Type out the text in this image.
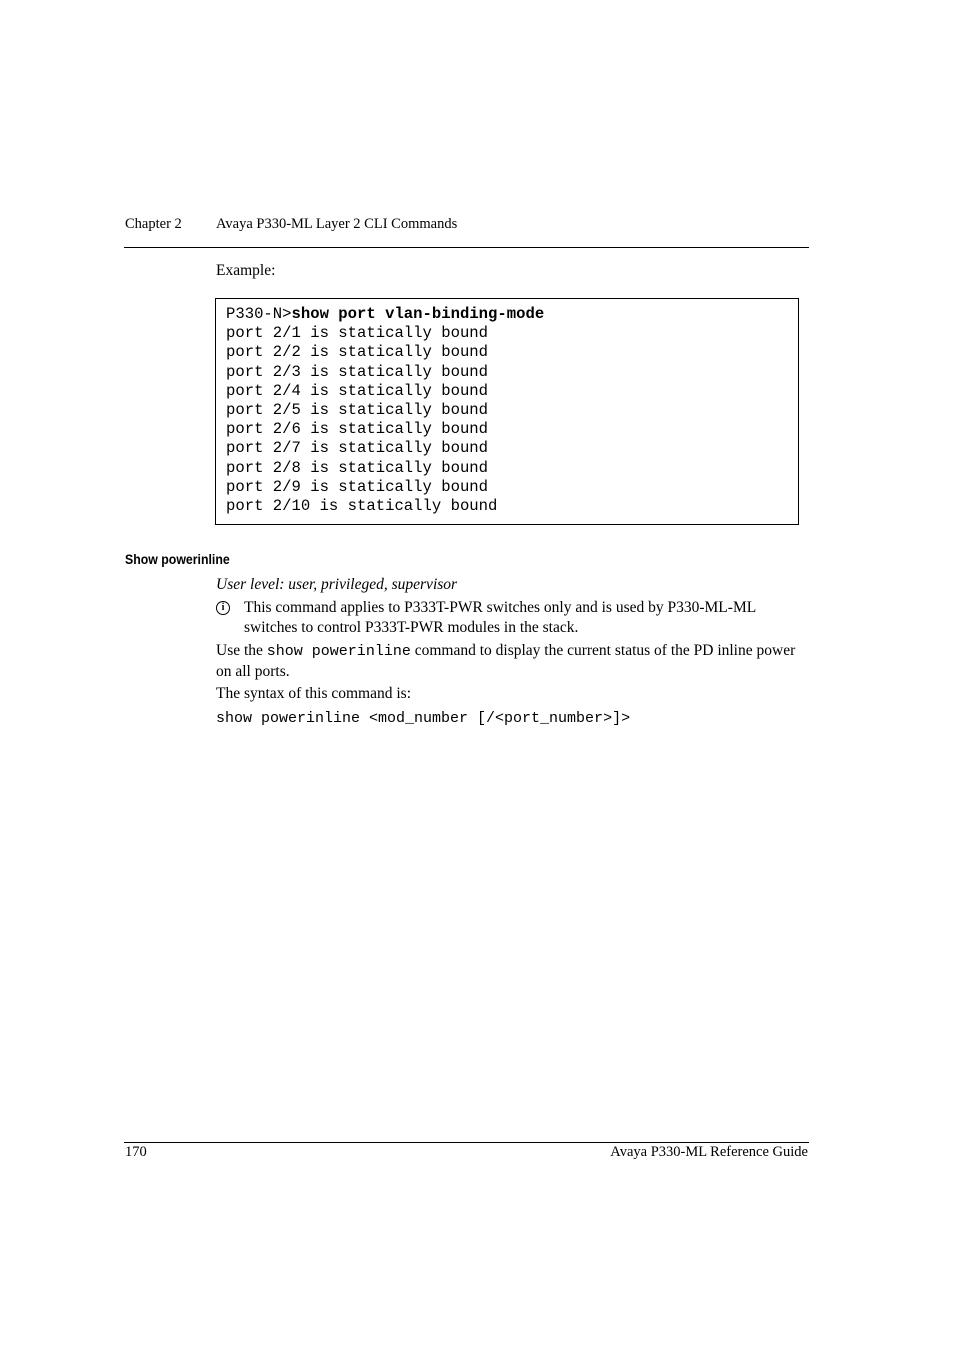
Chapter 2 Avaya P330-ML Layer 2 CLI Commands
Example:
P330-N>show port vlan-binding-mode
port 2/1 is statically bound
port 2/2 is statically bound
port 2/3 is statically bound
port 2/4 is statically bound
port 2/5 is statically bound
port 2/6 is statically bound
port 2/7 is statically bound
port 2/8 is statically bound
port 2/9 is statically bound
port 2/10 is statically bound
Show powerinline
User level: user, privileged, supervisor
i	This command applies to P333T-PWR switches only and is used by P330-ML-ML switches to control P333T-PWR modules in the stack.
Use the show powerinline command to display the current status of the PD inline power on all ports.
The syntax of this command is:
show powerinline <mod_number [/<port_number>]>
170	Avaya P330-ML Reference Guide
